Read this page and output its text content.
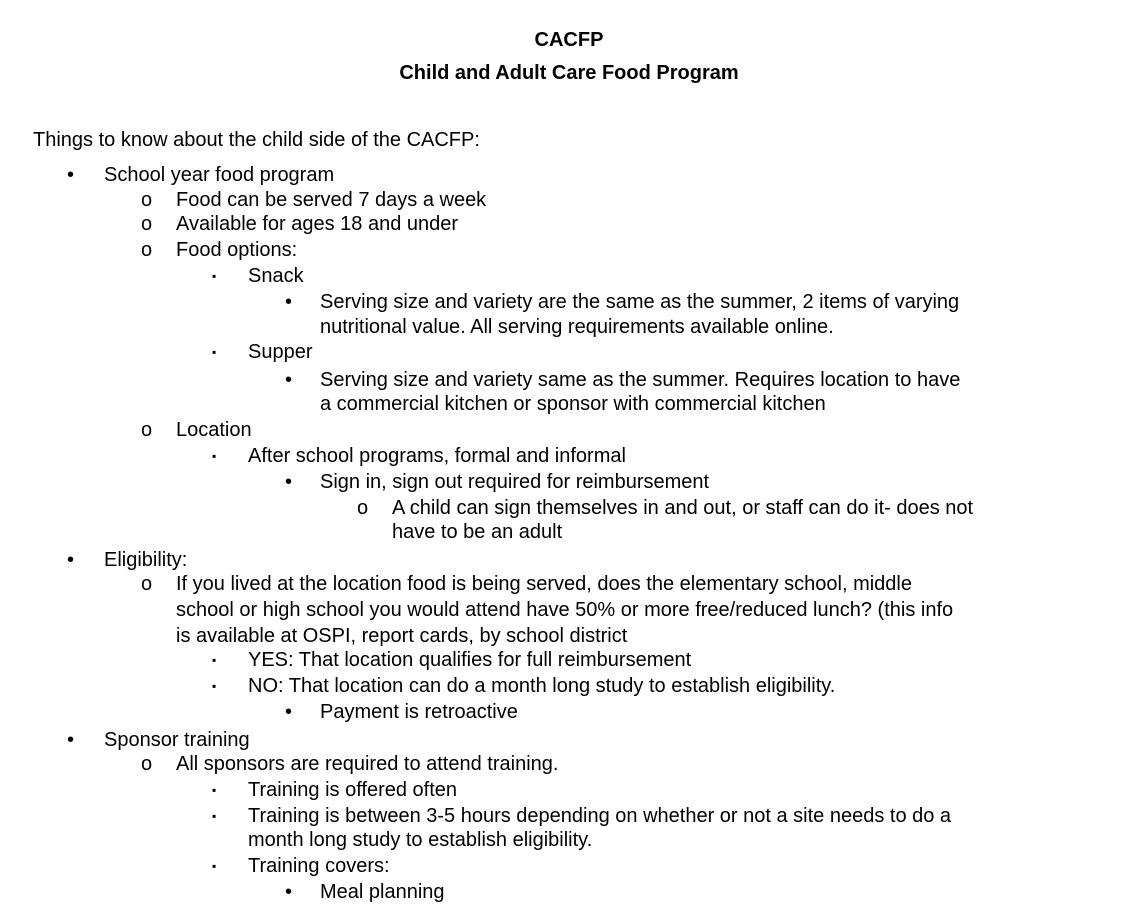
CACFP
Child and Adult Care Food Program
Things to know about the child side of the CACFP:
• School year food program
o Food can be served 7 days a week
o Available for ages 18 and under
o Food options:
▪ Snack
• Serving size and variety are the same as the summer, 2 items of varying
nutritional value. All serving requirements available online.
▪ Supper
• Serving size and variety same as the summer. Requires location to have
a commercial kitchen or sponsor with commercial kitchen
o Location
▪ After school programs, formal and informal
• Sign in, sign out required for reimbursement
o A child can sign themselves in and out, or staff can do it- does not
have to be an adult
• Eligibility:
o If you lived at the location food is being served, does the elementary school, middle
school or high school you would attend have 50% or more free/reduced lunch? (this info
is available at OSPI, report cards, by school district
▪ YES: That location qualifies for full reimbursement
▪ NO: That location can do a month long study to establish eligibility.
• Payment is retroactive
• Sponsor training
o All sponsors are required to attend training.
▪ Training is offered often
▪ Training is between 3-5 hours depending on whether or not a site needs to do a
month long study to establish eligibility.
▪ Training covers:
• Meal planning
